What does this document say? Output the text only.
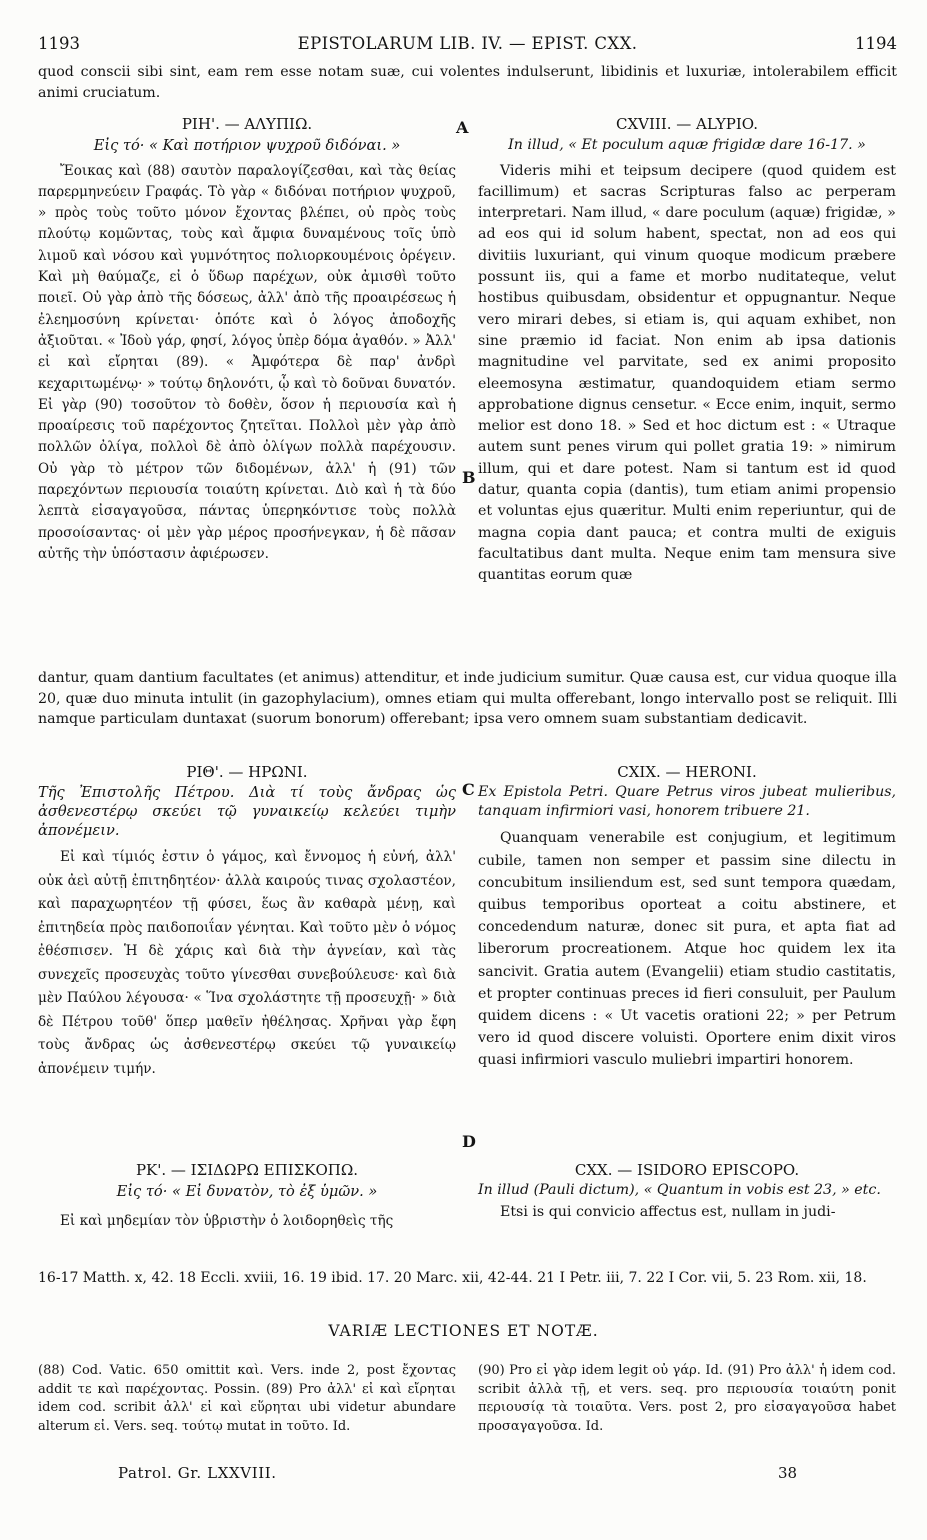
1193	EPISTOLARUM LIB. IV. — EPIST. CXX.	1194
quod conscii sibi sint, eam rem esse notam suæ, cui volentes indulserunt, libidinis et luxuriæ, intolerabilem efficit animi cruciatum.
A
B
C
D

ΡΙΗ'. — ΑΛΥΠΙΩ.

Εἰς τό· « Καὶ ποτήριον ψυχροῦ διδόναι. »

Ἔοικας καὶ (88) σαυτὸν παραλογίζεσθαι, καὶ τὰς θείας παρερμηνεύειν Γραφάς. Τὸ γὰρ « διδόναι ποτήριον ψυχροῦ, » πρὸς τοὺς τοῦτο μόνον ἔχοντας βλέπει, οὐ πρὸς τοὺς πλούτῳ κομῶντας, τοὺς καὶ ἄμφια δυναμένους τοῖς ὑπὸ λιμοῦ καὶ νόσου καὶ γυμνότητος πολιορκουμένοις ὀρέγειν. Καὶ μὴ θαύμαζε, εἰ ὁ ὕδωρ παρέχων, οὐκ ἀμισθὶ τοῦτο ποιεῖ. Οὐ γὰρ ἀπὸ τῆς δόσεως, ἀλλ' ἀπὸ τῆς προαιρέσεως ἡ ἐλεημοσύνη κρίνεται· ὁπότε καὶ ὁ λόγος ἀποδοχῆς ἀξιοῦται. « Ἰδοὺ γάρ, φησί, λόγος ὑπὲρ δόμα ἀγαθόν. » Ἀλλ' εἰ καὶ εἴρηται (89). « Ἀμφότερα δὲ παρ' ἀνδρὶ κεχαριτωμένῳ· » τούτῳ δηλονότι, ᾧ καὶ τὸ δοῦναι δυνατόν. Εἰ γὰρ (90) τοσοῦτον τὸ δοθὲν, ὅσον ἡ περιουσία καὶ ἡ προαίρεσις τοῦ παρέχοντος ζητεῖται. Πολλοὶ μὲν γὰρ ἀπὸ πολλῶν ὀλίγα, πολλοὶ δὲ ἀπὸ ὀλίγων πολλὰ παρέχουσιν. Οὐ γὰρ τὸ μέτρον τῶν διδομένων, ἀλλ' ἡ (91) τῶν παρεχόντων περιουσία τοιαύτη κρίνεται. Διὸ καὶ ἡ τὰ δύο λεπτὰ εἰσαγαγοῦσα, πάντας ὑπερηκόντισε τοὺς πολλὰ προσοίσαντας· οἱ μὲν γὰρ μέρος προσήνεγκαν, ἡ δὲ πᾶσαν αὐτῆς τὴν ὑπόστασιν ἀφιέρωσεν.

CXVIII. — ALYPIO.

In illud, « Et poculum aquæ frigidæ dare 16-17. »

Videris mihi et teipsum decipere (quod quidem est facillimum) et sacras Scripturas falso ac perperam interpretari. Nam illud, « dare poculum (aquæ) frigidæ, » ad eos qui id solum habent, spectat, non ad eos qui divitiis luxuriant, qui vinum quoque modicum præbere possunt iis, qui a fame et morbo nuditateque, velut hostibus quibusdam, obsidentur et oppugnantur. Neque vero mirari debes, si etiam is, qui aquam exhibet, non sine præmio id faciat. Non enim ab ipsa dationis magnitudine vel parvitate, sed ex animi proposito eleemosyna æstimatur, quandoquidem etiam sermo approbatione dignus censetur. « Ecce enim, inquit, sermo melior est dono 18. » Sed et hoc dictum est : « Utraque autem sunt penes virum qui pollet gratia 19: » nimirum illum, qui et dare potest. Nam si tantum est id quod datur, quanta copia (dantis), tum etiam animi propensio et voluntas ejus quæritur. Multi enim reperiuntur, qui de magna copia dant pauca; et contra multi de exiguis facultatibus dant multa. Neque enim tam mensura sive quantitas eorum quæ

dantur, quam dantium facultates (et animus) attenditur, et inde judicium sumitur. Quæ causa est, cur vidua quoque illa 20, quæ duo minuta intulit (in gazophylacium), omnes etiam qui multa offerebant, longo intervallo post se reliquit. Illi namque particulam duntaxat (suorum bonorum) offerebant; ipsa vero omnem suam substantiam dedicavit.

ΡΙΘ'. — ΗΡΩΝΙ.

Τῆς Ἐπιστολῆς Πέτρου. Διὰ τί τοὺς ἄνδρας ὡς ἀσθενεστέρῳ σκεύει τῷ γυναικείῳ κελεύει τιμὴν ἀπονέμειν.

Εἰ καὶ τίμιός ἐστιν ὁ γάμος, καὶ ἔννομος ἡ εὐνή, ἀλλ' οὐκ ἀεὶ αὐτῇ ἐπιτηδητέον· ἀλλὰ καιρούς τινας σχολαστέον, καὶ παραχωρητέον τῇ φύσει, ἕως ἂν καθαρὰ μένῃ, καὶ ἐπιτηδεία πρὸς παιδοποιΐαν γένηται. Καὶ τοῦτο μὲν ὁ νόμος ἐθέσπισεν. Ἡ δὲ χάρις καὶ διὰ τὴν ἁγνείαν, καὶ τὰς συνεχεῖς προσευχὰς τοῦτο γίνεσθαι συνεβούλευσε· καὶ διὰ μὲν Παύλου λέγουσα· « Ἵνα σχολάστητε τῇ προσευχῇ· » διὰ δὲ Πέτρου τοῦθ' ὅπερ μαθεῖν ἠθέλησας. Χρῆναι γὰρ ἔφη τοὺς ἄνδρας ὡς ἀσθενεστέρῳ σκεύει τῷ γυναικείῳ ἀπονέμειν τιμήν.

CXIX. — HERONI.

Ex Epistola Petri. Quare Petrus viros jubeat mulieribus, tanquam infirmiori vasi, honorem tribuere 21.

Quanquam venerabile est conjugium, et legitimum cubile, tamen non semper et passim sine dilectu in concubitum insiliendum est, sed sunt tempora quædam, quibus temporibus oporteat a coitu abstinere, et concedendum naturæ, donec sit pura, et apta fiat ad liberorum procreationem. Atque hoc quidem lex ita sancivit. Gratia autem (Evangelii) etiam studio castitatis, et propter continuas preces id fieri consuluit, per Paulum quidem dicens : « Ut vacetis orationi 22; » per Petrum vero id quod discere voluisti. Oportere enim dixit viros quasi infirmiori vasculo muliebri impartiri honorem.

ΡΚ'. — ΙΣΙΔΩΡΩ ΕΠΙΣΚΟΠΩ.

Εἰς τό· « Εἰ δυνατὸν, τὸ ἐξ ὑμῶν. »

Εἰ καὶ μηδεμίαν τὸν ὑβριστὴν ὁ λοιδορηθεὶς τῆς

CXX. — ISIDORO EPISCOPO.

In illud (Pauli dictum), « Quantum in vobis est 23, » etc.

Etsi is qui convicio affectus est, nullam in judi-

16-17 Matth. x, 42. 18 Eccli. xviii, 16. 19 ibid. 17. 20 Marc. xii, 42-44. 21 I Petr. iii, 7. 22 I Cor. vii, 5. 23 Rom. xii, 18.
VARIÆ LECTIONES ET NOTÆ.
(88) Cod. Vatic. 650 omittit καὶ. Vers. inde 2, post ἔχοντας addit τε καὶ παρέχοντας. Possin. (89) Pro ἀλλ' εἰ καὶ εἴρηται idem cod. scribit ἀλλ' εἰ καὶ εὕρηται ubi videtur abundare alterum εἰ. Vers. seq. τούτῳ mutat in τοῦτο. Id.
(90) Pro εἰ γὰρ idem legit οὐ γάρ. Id. (91) Pro ἀλλ' ἡ idem cod. scribit ἀλλὰ τῇ, et vers. seq. pro περιουσία τοιαύτη ponit περιουσίᾳ τὰ τοιαῦτα. Vers. post 2, pro εἰσαγαγοῦσα habet προσαγαγοῦσα. Id.
Patrol. Gr. LXXVIII.	38
